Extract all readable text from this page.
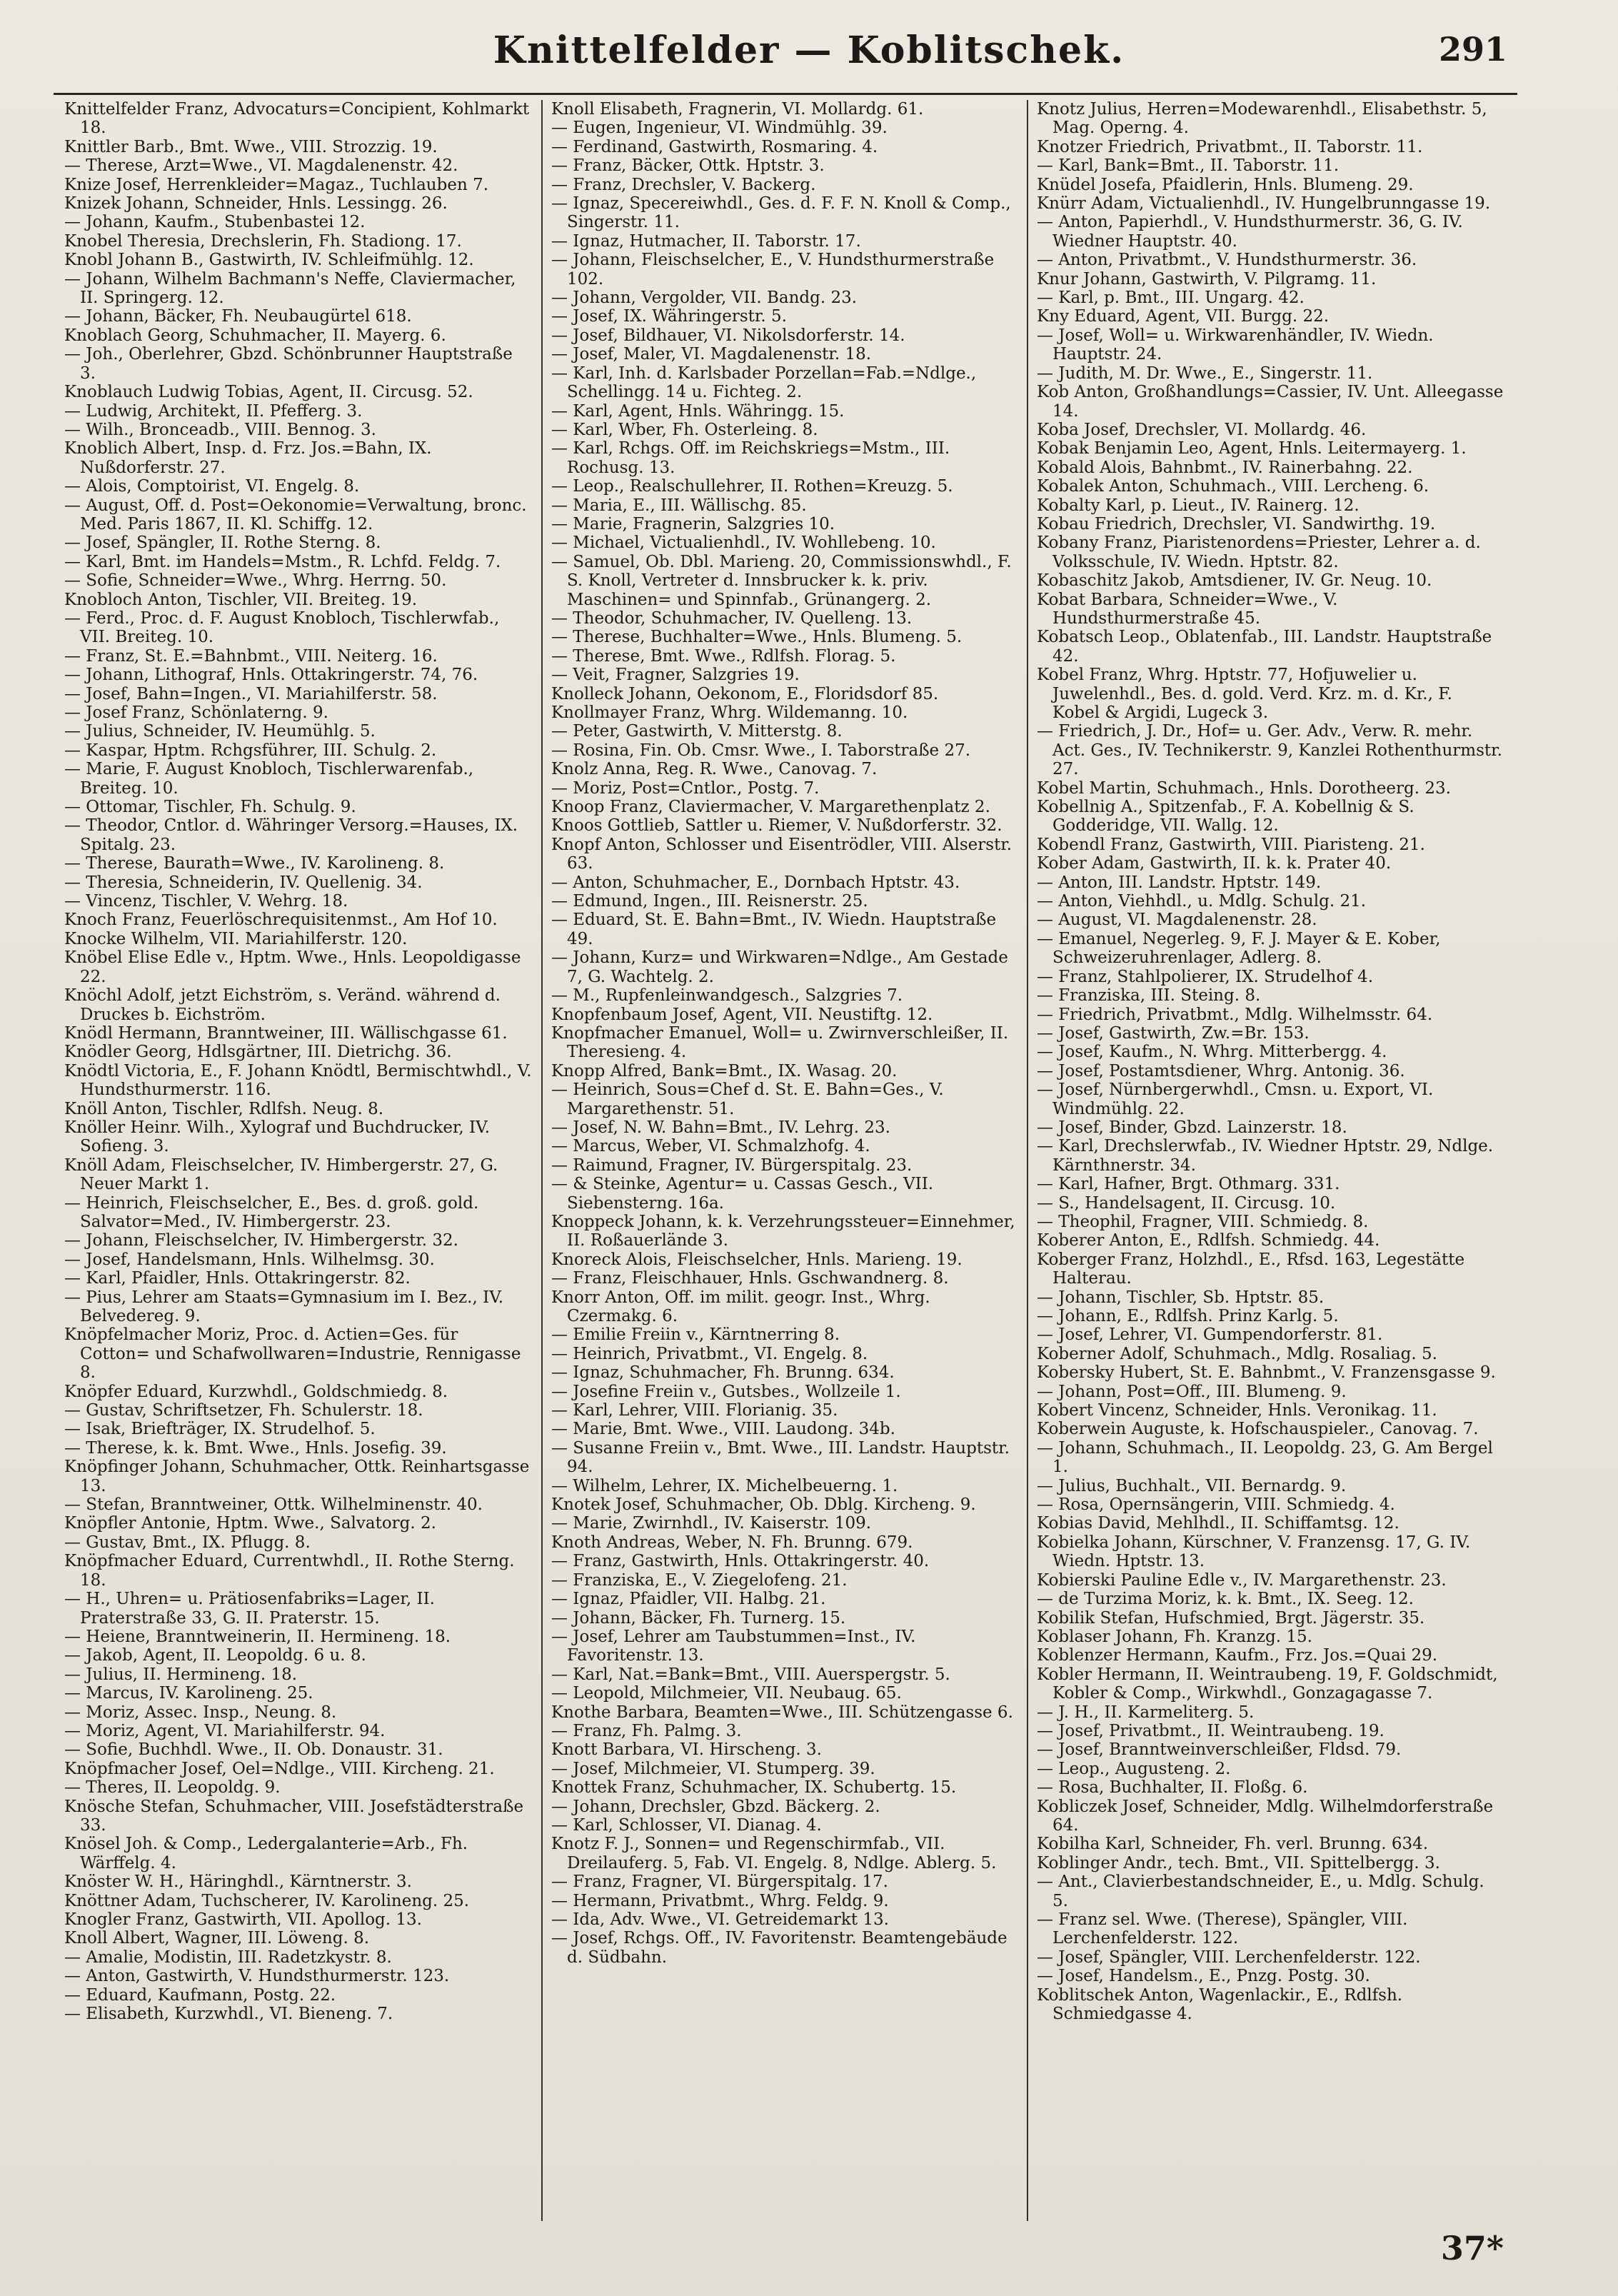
Knittelfelder — Koblitschek.	291

Knittelfelder Franz, Advocaturs=Concipient, Kohlmarkt 18.

Knittler Barb., Bmt. Wwe., VIII. Strozzig. 19.

— Therese, Arzt=Wwe., VI. Magdalenenstr. 42.

Knize Josef, Herrenkleider=Magaz., Tuchlauben 7.

Knizek Johann, Schneider, Hnls. Lessingg. 26.

— Johann, Kaufm., Stubenbastei 12.

Knobel Theresia, Drechslerin, Fh. Stadiong. 17.

Knobl Johann B., Gastwirth, IV. Schleifmühlg. 12.

— Johann, Wilhelm Bachmann's Neffe, Claviermacher, II. Springerg. 12.

— Johann, Bäcker, Fh. Neubaugürtel 618.

Knoblach Georg, Schuhmacher, II. Mayerg. 6.

— Joh., Oberlehrer, Gbzd. Schönbrunner Hauptstraße 3.

Knoblauch Ludwig Tobias, Agent, II. Circusg. 52.

— Ludwig, Architekt, II. Pfefferg. 3.

— Wilh., Bronceadb., VIII. Bennog. 3.

Knoblich Albert, Insp. d. Frz. Jos.=Bahn, IX. Nußdorferstr. 27.

— Alois, Comptoirist, VI. Engelg. 8.

— August, Off. d. Post=Oekonomie=Verwaltung, bronc. Med. Paris 1867, II. Kl. Schiffg. 12.

— Josef, Spängler, II. Rothe Sterng. 8.

— Karl, Bmt. im Handels=Mstm., R. Lchfd. Feldg. 7.

— Sofie, Schneider=Wwe., Whrg. Herrng. 50.

Knobloch Anton, Tischler, VII. Breiteg. 19.

— Ferd., Proc. d. F. August Knobloch, Tischlerwfab., VII. Breiteg. 10.

— Franz, St. E.=Bahnbmt., VIII. Neiterg. 16.

— Johann, Lithograf, Hnls. Ottakringerstr. 74, 76.

— Josef, Bahn=Ingen., VI. Mariahilferstr. 58.

— Josef Franz, Schönlaterng. 9.

— Julius, Schneider, IV. Heumühlg. 5.

— Kaspar, Hptm. Rchgsführer, III. Schulg. 2.

— Marie, F. August Knobloch, Tischlerwarenfab., Breiteg. 10.

— Ottomar, Tischler, Fh. Schulg. 9.

— Theodor, Cntlor. d. Währinger Versorg.=Hauses, IX. Spitalg. 23.

— Therese, Baurath=Wwe., IV. Karolineng. 8.

— Theresia, Schneiderin, IV. Quellenig. 34.

— Vincenz, Tischler, V. Wehrg. 18.

Knoch Franz, Feuerlöschrequisitenmst., Am Hof 10.

Knocke Wilhelm, VII. Mariahilferstr. 120.

Knöbel Elise Edle v., Hptm. Wwe., Hnls. Leopoldigasse 22.

Knöchl Adolf, jetzt Eichström, s. Veränd. während d. Druckes b. Eichström.

Knödl Hermann, Branntweiner, III. Wällischgasse 61.

Knödler Georg, Hdlsgärtner, III. Dietrichg. 36.

Knödtl Victoria, E., F. Johann Knödtl, Bermischtwhdl., V. Hundsthurmerstr. 116.

Knöll Anton, Tischler, Rdlfsh. Neug. 8.

Knöller Heinr. Wilh., Xylograf und Buchdrucker, IV. Sofieng. 3.

Knöll Adam, Fleischselcher, IV. Himbergerstr. 27, G. Neuer Markt 1.

— Heinrich, Fleischselcher, E., Bes. d. groß. gold. Salvator=Med., IV. Himbergerstr. 23.

— Johann, Fleischselcher, IV. Himbergerstr. 32.

— Josef, Handelsmann, Hnls. Wilhelmsg. 30.

— Karl, Pfaidler, Hnls. Ottakringerstr. 82.

— Pius, Lehrer am Staats=Gymnasium im I. Bez., IV. Belvedereg. 9.

Knöpfelmacher Moriz, Proc. d. Actien=Ges. für Cotton= und Schafwollwaren=Industrie, Rennigasse 8.

Knöpfer Eduard, Kurzwhdl., Goldschmiedg. 8.

— Gustav, Schriftsetzer, Fh. Schulerstr. 18.

— Isak, Briefträger, IX. Strudelhof. 5.

— Therese, k. k. Bmt. Wwe., Hnls. Josefig. 39.

Knöpfinger Johann, Schuhmacher, Ottk. Reinhartsgasse 13.

— Stefan, Branntweiner, Ottk. Wilhelminenstr. 40.

Knöpfler Antonie, Hptm. Wwe., Salvatorg. 2.

— Gustav, Bmt., IX. Pflugg. 8.

Knöpfmacher Eduard, Currentwhdl., II. Rothe Sterng. 18.

— H., Uhren= u. Prätiosenfabriks=Lager, II. Praterstraße 33, G. II. Praterstr. 15.

— Heiene, Branntweinerin, II. Hermineng. 18.

— Jakob, Agent, II. Leopoldg. 6 u. 8.

— Julius, II. Hermineng. 18.

— Marcus, IV. Karolineng. 25.

— Moriz, Assec. Insp., Neung. 8.

— Moriz, Agent, VI. Mariahilferstr. 94.

— Sofie, Buchhdl. Wwe., II. Ob. Donaustr. 31.

Knöpfmacher Josef, Oel=Ndlge., VIII. Kircheng. 21.

— Theres, II. Leopoldg. 9.

Knösche Stefan, Schuhmacher, VIII. Josefstädterstraße 33.

Knösel Joh. & Comp., Ledergalanterie=Arb., Fh. Wärffelg. 4.

Knöster W. H., Häringhdl., Kärntnerstr. 3.

Knöttner Adam, Tuchscherer, IV. Karolineng. 25.

Knogler Franz, Gastwirth, VII. Apollog. 13.

Knoll Albert, Wagner, III. Löweng. 8.

— Amalie, Modistin, III. Radetzkystr. 8.

— Anton, Gastwirth, V. Hundsthurmerstr. 123.

— Eduard, Kaufmann, Postg. 22.

— Elisabeth, Kurzwhdl., VI. Bieneng. 7.

Knoll Elisabeth, Fragnerin, VI. Mollardg. 61.

— Eugen, Ingenieur, VI. Windmühlg. 39.

— Ferdinand, Gastwirth, Rosmaring. 4.

— Franz, Bäcker, Ottk. Hptstr. 3.

— Franz, Drechsler, V. Backerg.

— Ignaz, Specereiwhdl., Ges. d. F. F. N. Knoll & Comp., Singerstr. 11.

— Ignaz, Hutmacher, II. Taborstr. 17.

— Johann, Fleischselcher, E., V. Hundsthurmerstraße 102.

— Johann, Vergolder, VII. Bandg. 23.

— Josef, IX. Währingerstr. 5.

— Josef, Bildhauer, VI. Nikolsdorferstr. 14.

— Josef, Maler, VI. Magdalenenstr. 18.

— Karl, Inh. d. Karlsbader Porzellan=Fab.=Ndlge., Schellingg. 14 u. Fichteg. 2.

— Karl, Agent, Hnls. Währingg. 15.

— Karl, Wber, Fh. Osterleing. 8.

— Karl, Rchgs. Off. im Reichskriegs=Mstm., III. Rochusg. 13.

— Leop., Realschullehrer, II. Rothen=Kreuzg. 5.

— Maria, E., III. Wällischg. 85.

— Marie, Fragnerin, Salzgries 10.

— Michael, Victualienhdl., IV. Wohllebeng. 10.

— Samuel, Ob. Dbl. Marieng. 20, Commissionswhdl., F. S. Knoll, Vertreter d. Innsbrucker k. k. priv. Maschinen= und Spinnfab., Grünangerg. 2.

— Theodor, Schuhmacher, IV. Quelleng. 13.

— Therese, Buchhalter=Wwe., Hnls. Blumeng. 5.

— Therese, Bmt. Wwe., Rdlfsh. Florag. 5.

— Veit, Fragner, Salzgries 19.

Knolleck Johann, Oekonom, E., Floridsdorf 85.

Knollmayer Franz, Whrg. Wildemanng. 10.

— Peter, Gastwirth, V. Mitterstg. 8.

— Rosina, Fin. Ob. Cmsr. Wwe., I. Taborstraße 27.

Knolz Anna, Reg. R. Wwe., Canovag. 7.

— Moriz, Post=Cntlor., Postg. 7.

Knoop Franz, Claviermacher, V. Margarethenplatz 2.

Knoos Gottlieb, Sattler u. Riemer, V. Nußdorferstr. 32.

Knopf Anton, Schlosser und Eisentrödler, VIII. Alserstr. 63.

— Anton, Schuhmacher, E., Dornbach Hptstr. 43.

— Edmund, Ingen., III. Reisnerstr. 25.

— Eduard, St. E. Bahn=Bmt., IV. Wiedn. Hauptstraße 49.

— Johann, Kurz= und Wirkwaren=Ndlge., Am Gestade 7, G. Wachtelg. 2.

— M., Rupfenleinwandgesch., Salzgries 7.

Knopfenbaum Josef, Agent, VII. Neustiftg. 12.

Knopfmacher Emanuel, Woll= u. Zwirnverschleißer, II. Theresieng. 4.

Knopp Alfred, Bank=Bmt., IX. Wasag. 20.

— Heinrich, Sous=Chef d. St. E. Bahn=Ges., V. Margarethenstr. 51.

— Josef, N. W. Bahn=Bmt., IV. Lehrg. 23.

— Marcus, Weber, VI. Schmalzhofg. 4.

— Raimund, Fragner, IV. Bürgerspitalg. 23.

— & Steinke, Agentur= u. Cassas Gesch., VII. Siebensterng. 16a.

Knoppeck Johann, k. k. Verzehrungssteuer=Einnehmer, II. Roßauerlände 3.

Knoreck Alois, Fleischselcher, Hnls. Marieng. 19.

— Franz, Fleischhauer, Hnls. Gschwandnerg. 8.

Knorr Anton, Off. im milit. geogr. Inst., Whrg. Czermakg. 6.

— Emilie Freiin v., Kärntnerring 8.

— Heinrich, Privatbmt., VI. Engelg. 8.

— Ignaz, Schuhmacher, Fh. Brunng. 634.

— Josefine Freiin v., Gutsbes., Wollzeile 1.

— Karl, Lehrer, VIII. Florianig. 35.

— Marie, Bmt. Wwe., VIII. Laudong. 34b.

— Susanne Freiin v., Bmt. Wwe., III. Landstr. Hauptstr. 94.

— Wilhelm, Lehrer, IX. Michelbeuerng. 1.

Knotek Josef, Schuhmacher, Ob. Dblg. Kircheng. 9.

— Marie, Zwirnhdl., IV. Kaiserstr. 109.

Knoth Andreas, Weber, N. Fh. Brunng. 679.

— Franz, Gastwirth, Hnls. Ottakringerstr. 40.

— Franziska, E., V. Ziegelofeng. 21.

— Ignaz, Pfaidler, VII. Halbg. 21.

— Johann, Bäcker, Fh. Turnerg. 15.

— Josef, Lehrer am Taubstummen=Inst., IV. Favoritenstr. 13.

— Karl, Nat.=Bank=Bmt., VIII. Auerspergstr. 5.

— Leopold, Milchmeier, VII. Neubaug. 65.

Knothe Barbara, Beamten=Wwe., III. Schützengasse 6.

— Franz, Fh. Palmg. 3.

Knott Barbara, VI. Hirscheng. 3.

— Josef, Milchmeier, VI. Stumperg. 39.

Knottek Franz, Schuhmacher, IX. Schubertg. 15.

— Johann, Drechsler, Gbzd. Bäckerg. 2.

— Karl, Schlosser, VI. Dianag. 4.

Knotz F. J., Sonnen= und Regenschirmfab., VII. Dreilauferg. 5, Fab. VI. Engelg. 8, Ndlge. Ablerg. 5.

— Franz, Fragner, VI. Bürgerspitalg. 17.

— Hermann, Privatbmt., Whrg. Feldg. 9.

— Ida, Adv. Wwe., VI. Getreidemarkt 13.

— Josef, Rchgs. Off., IV. Favoritenstr. Beamtengebäude d. Südbahn.

Knotz Julius, Herren=Modewarenhdl., Elisabethstr. 5, Mag. Operng. 4.

Knotzer Friedrich, Privatbmt., II. Taborstr. 11.

— Karl, Bank=Bmt., II. Taborstr. 11.

Knüdel Josefa, Pfaidlerin, Hnls. Blumeng. 29.

Knürr Adam, Victualienhdl., IV. Hungelbrunngasse 19.

— Anton, Papierhdl., V. Hundsthurmerstr. 36, G. IV. Wiedner Hauptstr. 40.

— Anton, Privatbmt., V. Hundsthurmerstr. 36.

Knur Johann, Gastwirth, V. Pilgramg. 11.

— Karl, p. Bmt., III. Ungarg. 42.

Kny Eduard, Agent, VII. Burgg. 22.

— Josef, Woll= u. Wirkwarenhändler, IV. Wiedn. Hauptstr. 24.

— Judith, M. Dr. Wwe., E., Singerstr. 11.

Kob Anton, Großhandlungs=Cassier, IV. Unt. Alleegasse 14.

Koba Josef, Drechsler, VI. Mollardg. 46.

Kobak Benjamin Leo, Agent, Hnls. Leitermayerg. 1.

Kobald Alois, Bahnbmt., IV. Rainerbahng. 22.

Kobalek Anton, Schuhmach., VIII. Lercheng. 6.

Kobalty Karl, p. Lieut., IV. Rainerg. 12.

Kobau Friedrich, Drechsler, VI. Sandwirthg. 19.

Kobany Franz, Piaristenordens=Priester, Lehrer a. d. Volksschule, IV. Wiedn. Hptstr. 82.

Kobaschitz Jakob, Amtsdiener, IV. Gr. Neug. 10.

Kobat Barbara, Schneider=Wwe., V. Hundsthurmerstraße 45.

Kobatsch Leop., Oblatenfab., III. Landstr. Hauptstraße 42.

Kobel Franz, Whrg. Hptstr. 77, Hofjuwelier u. Juwelenhdl., Bes. d. gold. Verd. Krz. m. d. Kr., F. Kobel & Argidi, Lugeck 3.

— Friedrich, J. Dr., Hof= u. Ger. Adv., Verw. R. mehr. Act. Ges., IV. Technikerstr. 9, Kanzlei Rothenthurmstr. 27.

Kobel Martin, Schuhmach., Hnls. Dorotheerg. 23.

Kobellnig A., Spitzenfab., F. A. Kobellnig & S. Godderidge, VII. Wallg. 12.

Kobendl Franz, Gastwirth, VIII. Piaristeng. 21.

Kober Adam, Gastwirth, II. k. k. Prater 40.

— Anton, III. Landstr. Hptstr. 149.

— Anton, Viehhdl., u. Mdlg. Schulg. 21.

— August, VI. Magdalenenstr. 28.

— Emanuel, Negerleg. 9, F. J. Mayer & E. Kober, Schweizeruhrenlager, Adlerg. 8.

— Franz, Stahlpolierer, IX. Strudelhof 4.

— Franziska, III. Steing. 8.

— Friedrich, Privatbmt., Mdlg. Wilhelmsstr. 64.

— Josef, Gastwirth, Zw.=Br. 153.

— Josef, Kaufm., N. Whrg. Mitterbergg. 4.

— Josef, Postamtsdiener, Whrg. Antonig. 36.

— Josef, Nürnbergerwhdl., Cmsn. u. Export, VI. Windmühlg. 22.

— Josef, Binder, Gbzd. Lainzerstr. 18.

— Karl, Drechslerwfab., IV. Wiedner Hptstr. 29, Ndlge. Kärnthnerstr. 34.

— Karl, Hafner, Brgt. Othmarg. 331.

— S., Handelsagent, II. Circusg. 10.

— Theophil, Fragner, VIII. Schmiedg. 8.

Koberer Anton, E., Rdlfsh. Schmiedg. 44.

Koberger Franz, Holzhdl., E., Rfsd. 163, Legestätte Halterau.

— Johann, Tischler, Sb. Hptstr. 85.

— Johann, E., Rdlfsh. Prinz Karlg. 5.

— Josef, Lehrer, VI. Gumpendorferstr. 81.

Koberner Adolf, Schuhmach., Mdlg. Rosaliag. 5.

Kobersky Hubert, St. E. Bahnbmt., V. Franzensgasse 9.

— Johann, Post=Off., III. Blumeng. 9.

Kobert Vincenz, Schneider, Hnls. Veronikag. 11.

Koberwein Auguste, k. Hofschauspieler., Canovag. 7.

— Johann, Schuhmach., II. Leopoldg. 23, G. Am Bergel 1.

— Julius, Buchhalt., VII. Bernardg. 9.

— Rosa, Opernsängerin, VIII. Schmiedg. 4.

Kobias David, Mehlhdl., II. Schiffamtsg. 12.

Kobielka Johann, Kürschner, V. Franzensg. 17, G. IV. Wiedn. Hptstr. 13.

Kobierski Pauline Edle v., IV. Margarethenstr. 23.

— de Turzima Moriz, k. k. Bmt., IX. Seeg. 12.

Kobilik Stefan, Hufschmied, Brgt. Jägerstr. 35.

Koblaser Johann, Fh. Kranzg. 15.

Koblenzer Hermann, Kaufm., Frz. Jos.=Quai 29.

Kobler Hermann, II. Weintraubeng. 19, F. Goldschmidt, Kobler & Comp., Wirkwhdl., Gonzagagasse 7.

— J. H., II. Karmeliterg. 5.

— Josef, Privatbmt., II. Weintraubeng. 19.

— Josef, Branntweinverschleißer, Fldsd. 79.

— Leop., Augusteng. 2.

— Rosa, Buchhalter, II. Floßg. 6.

Kobliczek Josef, Schneider, Mdlg. Wilhelmdorferstraße 64.

Kobilha Karl, Schneider, Fh. verl. Brunng. 634.

Koblinger Andr., tech. Bmt., VII. Spittelbergg. 3.

— Ant., Clavierbestandschneider, E., u. Mdlg. Schulg. 5.

— Franz sel. Wwe. (Therese), Spängler, VIII. Lerchenfelderstr. 122.

— Josef, Spängler, VIII. Lerchenfelderstr. 122.

— Josef, Handelsm., E., Pnzg. Postg. 30.

Koblitschek Anton, Wagenlackir., E., Rdlfsh. Schmiedgasse 4.

37*
